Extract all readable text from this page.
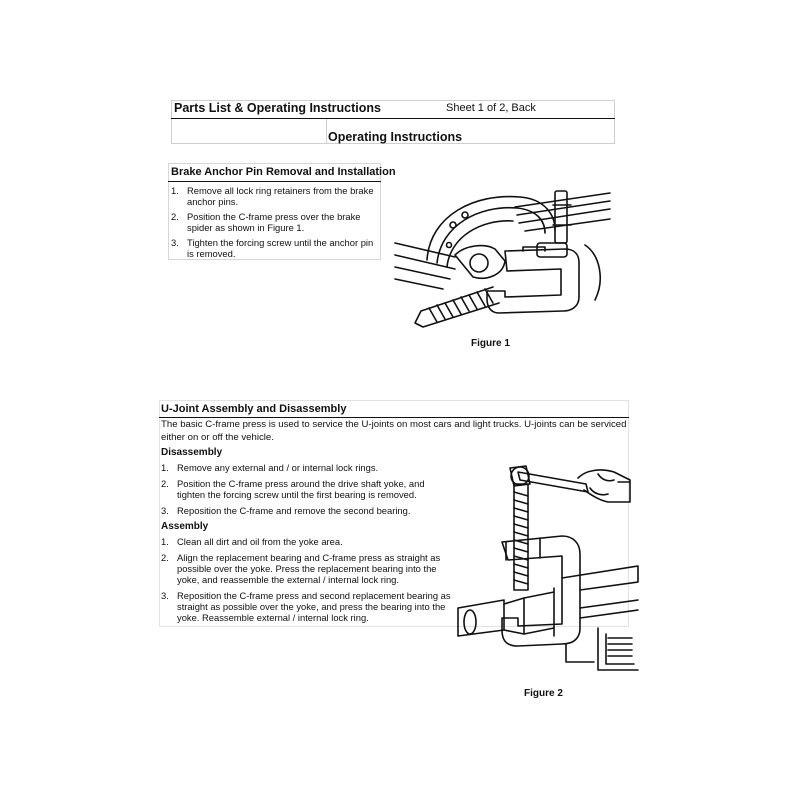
Parts List & Operating Instructions	Sheet 1 of 2, Back
Operating Instructions
Brake Anchor Pin Removal and Installation
1. Remove all lock ring retainers from the brake anchor pins.
2. Position the C-frame press over the brake spider as shown in Figure 1.
3. Tighten the forcing screw until the anchor pin is removed.
Figure 1
U-Joint Assembly and Disassembly
The basic C-frame press is used to service the U-joints on most cars and light trucks. U-joints can be serviced either on or off the vehicle.
Disassembly
1. Remove any external and / or internal lock rings.
2. Position the C-frame press around the drive shaft yoke, and tighten the forcing screw until the first bearing is removed.
3. Reposition the C-frame and remove the second bearing.
Assembly
1. Clean all dirt and oil from the yoke area.
2. Align the replacement bearing and C-frame press as straight as possible over the yoke. Press the replacement bearing into the yoke, and reassemble the external / internal lock ring.
3. Reposition the C-frame press and second replacement bearing as straight as possible over the yoke, and press the bearing into the yoke. Reassemble external / internal lock ring.
Figure 2
